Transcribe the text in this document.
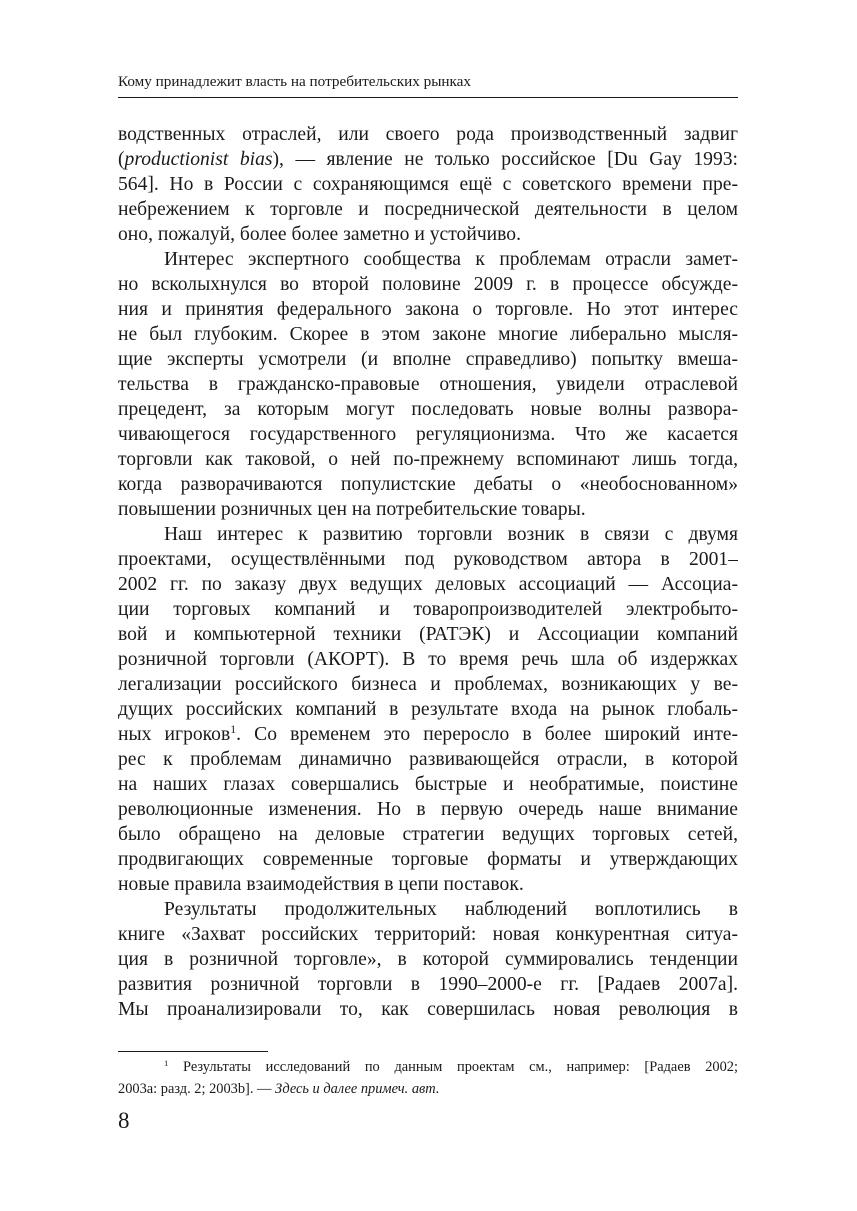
Кому принадлежит власть на потребительских рынках
водственных отраслей, или своего рода производственный задвиг
(productionist bias), — явление не только российское [Du Gay 1993:
564]. Но в России с сохраняющимся ещё с советского времени пре-
небрежением к торговле и посреднической деятельности в целом
оно, пожалуй, более более заметно и устойчиво.
Интерес экспертного сообщества к проблемам отрасли замет-
но всколыхнулся во второй половине 2009 г. в процессе обсужде-
ния и принятия федерального закона о торговле. Но этот интерес
не был глубоким. Скорее в этом законе многие либерально мысля-
щие эксперты усмотрели (и вполне справедливо) попытку вмеша-
тельства в гражданско-правовые отношения, увидели отраслевой
прецедент, за которым могут последовать новые волны развора-
чивающегося государственного регуляционизма. Что же касается
торговли как таковой, о ней по-прежнему вспоминают лишь тогда,
когда разворачиваются популистские дебаты о «необоснованном»
повышении розничных цен на потребительские товары.
Наш интерес к развитию торговли возник в связи с двумя
проектами, осуществлёнными под руководством автора в 2001–
2002 гг. по заказу двух ведущих деловых ассоциаций — Ассоциа-
ции торговых компаний и товаропроизводителей электробыто-
вой и компьютерной техники (РАТЭК) и Ассоциации компаний
розничной торговли (АКОРТ). В то время речь шла об издержках
легализации российского бизнеса и проблемах, возникающих у ве-
дущих российских компаний в результате входа на рынок глобаль-
ных игроков$^1$. Со временем это переросло в более широкий инте-
рес к проблемам динамично развивающейся отрасли, в которой
на наших глазах совершались быстрые и необратимые, поистине
революционные изменения. Но в первую очередь наше внимание
было обращено на деловые стратегии ведущих торговых сетей,
продвигающих современные торговые форматы и утверждающих
новые правила взаимодействия в цепи поставок.
Результаты продолжительных наблюдений воплотились в
книге «Захват российских территорий: новая конкурентная ситуа-
ция в розничной торговле», в которой суммировались тенденции
развития розничной торговли в 1990–2000-е гг. [Радаев 2007a].
Мы проанализировали то, как совершилась новая революция в
$^1$ Результаты исследований по данным проектам см., например: [Радаев 2002;
2003a: разд. 2; 2003b]. — Здесь и далее примеч. авт.
8
